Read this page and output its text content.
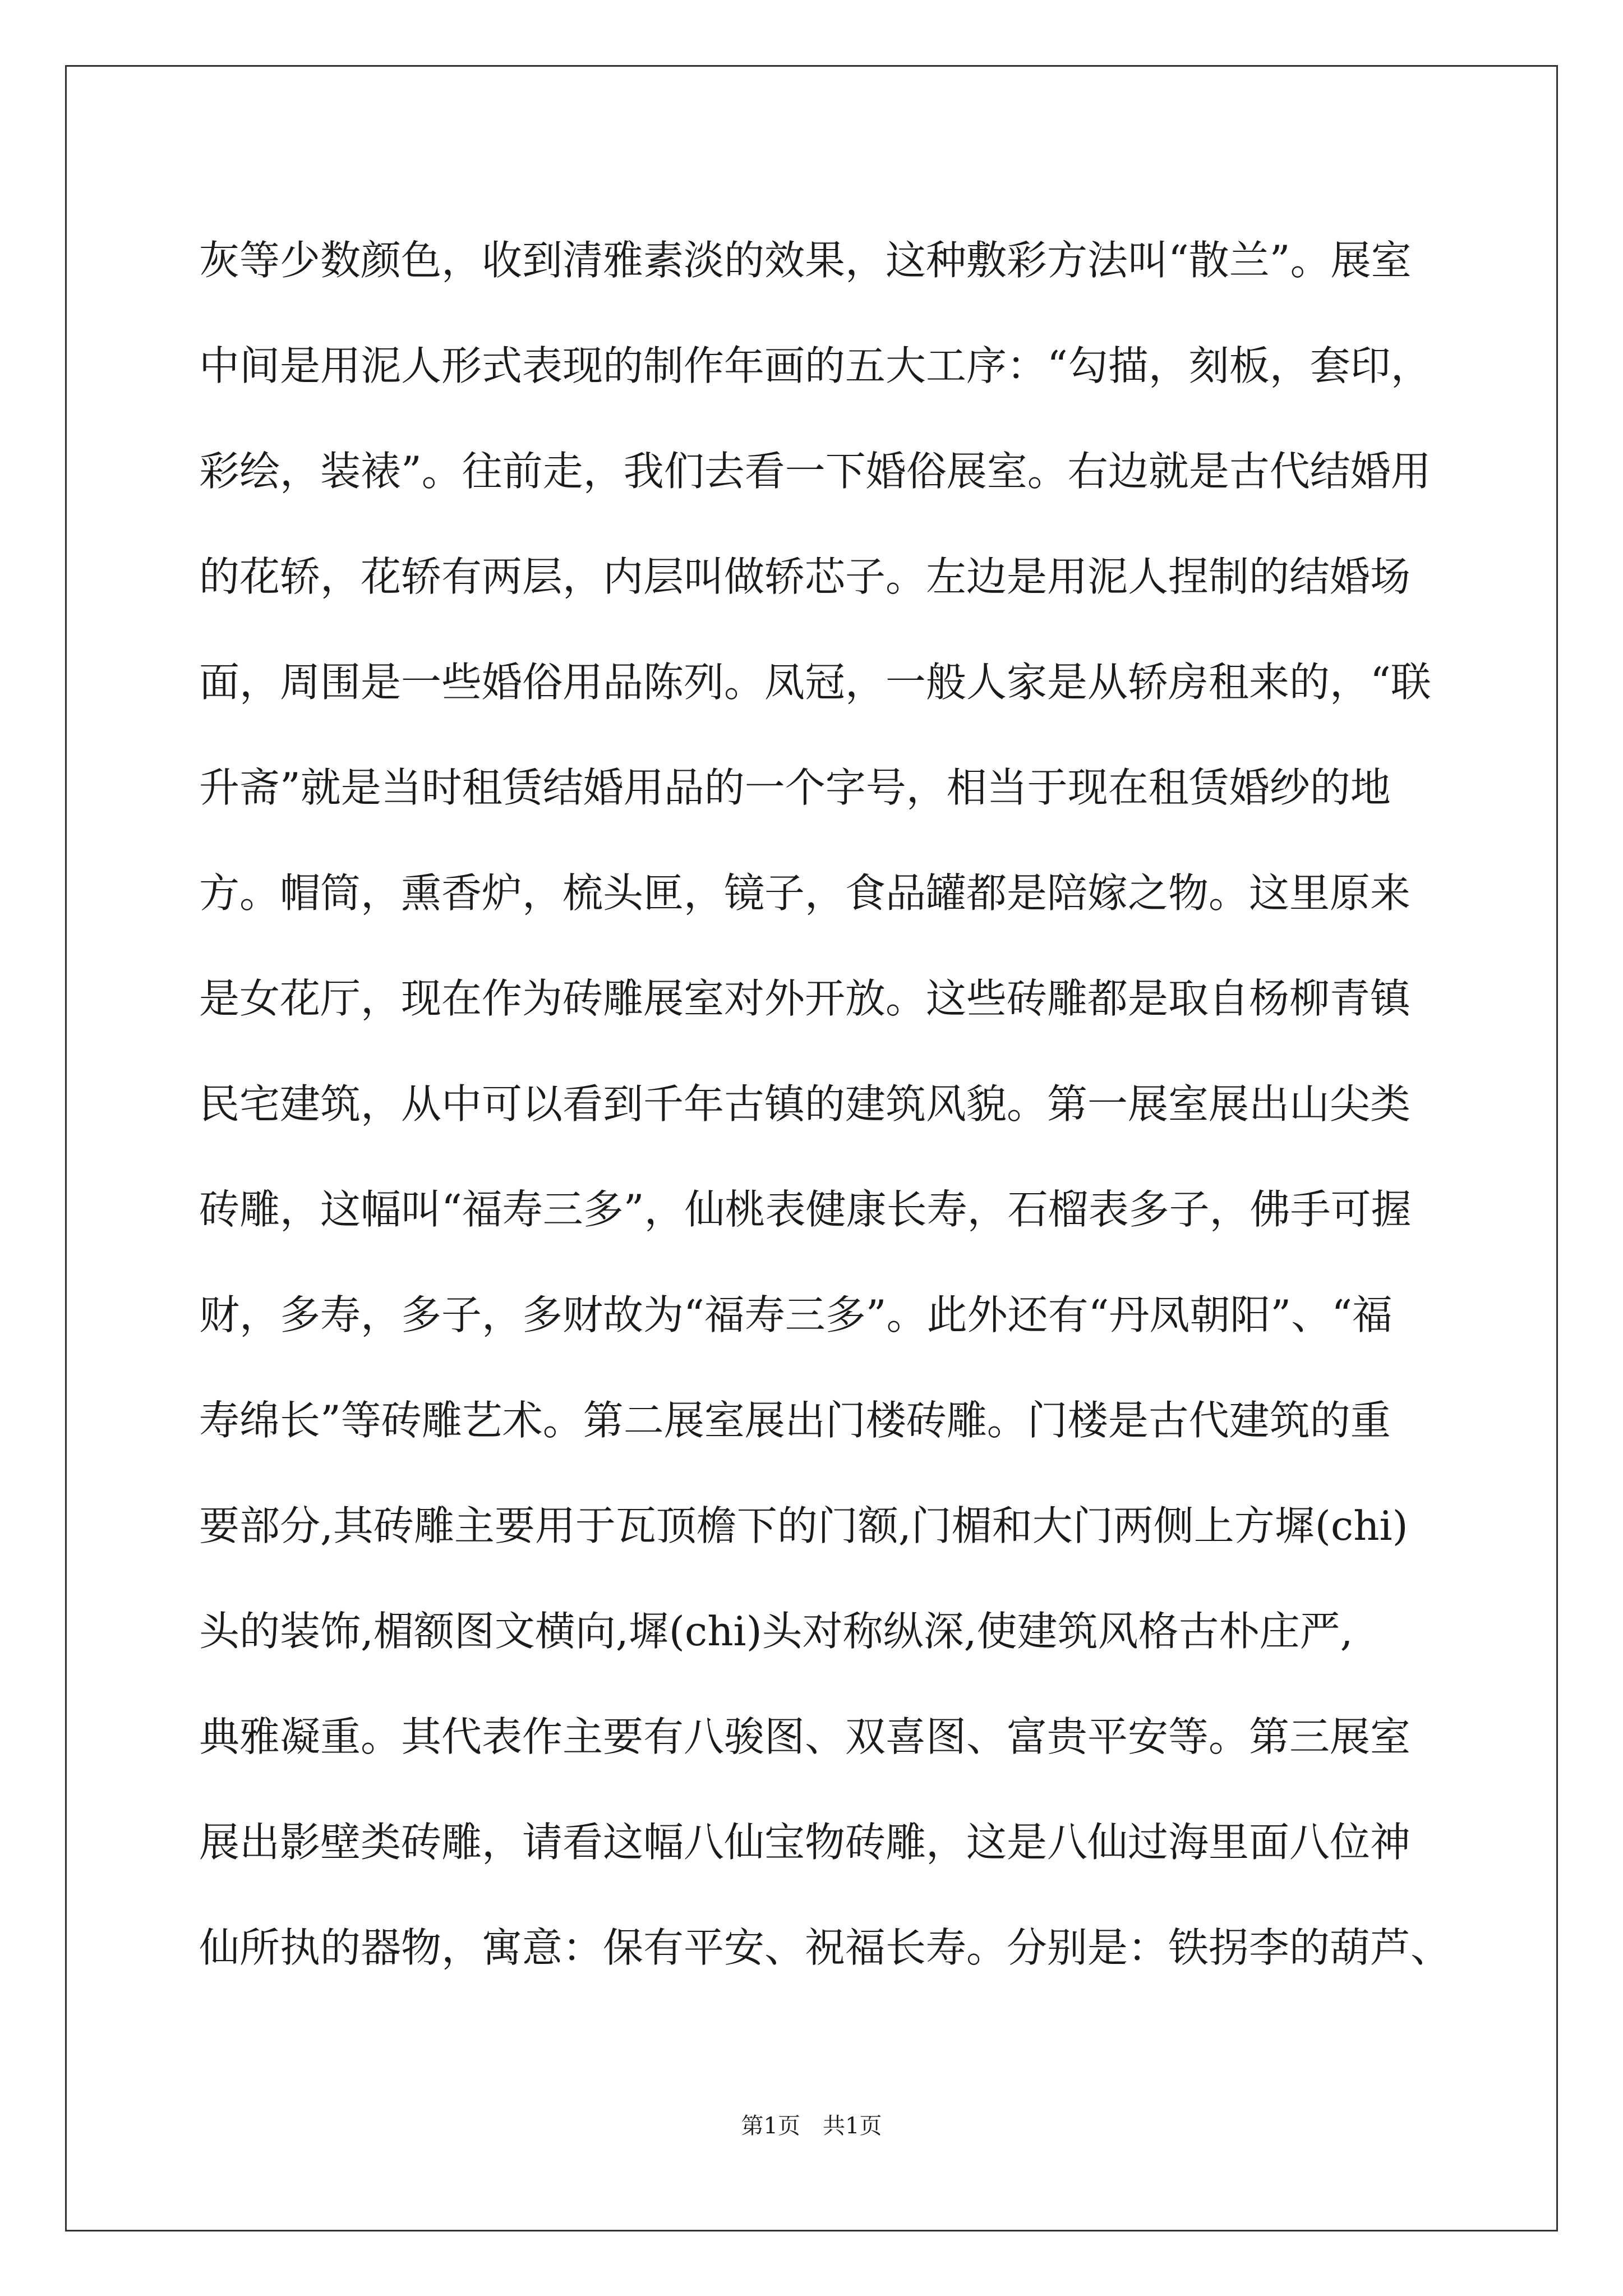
灰等少数颜色，收到清雅素淡的效果，这种敷彩方法叫“散兰”。展室
中间是用泥人形式表现的制作年画的五大工序：“勾描，刻板，套印，
彩绘，装裱”。往前走，我们去看一下婚俗展室。右边就是古代结婚用
的花轿，花轿有两层，内层叫做轿芯子。左边是用泥人捏制的结婚场
面，周围是一些婚俗用品陈列。凤冠，一般人家是从轿房租来的，“联
升斋”就是当时租赁结婚用品的一个字号，相当于现在租赁婚纱的地
方。帽筒，熏香炉，梳头匣，镜子，食品罐都是陪嫁之物。这里原来
是女花厅，现在作为砖雕展室对外开放。这些砖雕都是取自杨柳青镇
民宅建筑，从中可以看到千年古镇的建筑风貌。第一展室展出山尖类
砖雕，这幅叫“福寿三多”，仙桃表健康长寿，石榴表多子，佛手可握
财，多寿，多子，多财故为“福寿三多”。此外还有“丹凤朝阳”、“福
寿绵长”等砖雕艺术。第二展室展出门楼砖雕。门楼是古代建筑的重
要部分,其砖雕主要用于瓦顶檐下的门额,门楣和大门两侧上方墀(chi)
头的装饰,楣额图文横向,墀(chi)头对称纵深,使建筑风格古朴庄严,
典雅凝重。其代表作主要有八骏图、双喜图、富贵平安等。第三展室
展出影壁类砖雕，请看这幅八仙宝物砖雕，这是八仙过海里面八位神
仙所执的器物，寓意：保有平安、祝福长寿。分别是：铁拐李的葫芦、
第1页　共1页
